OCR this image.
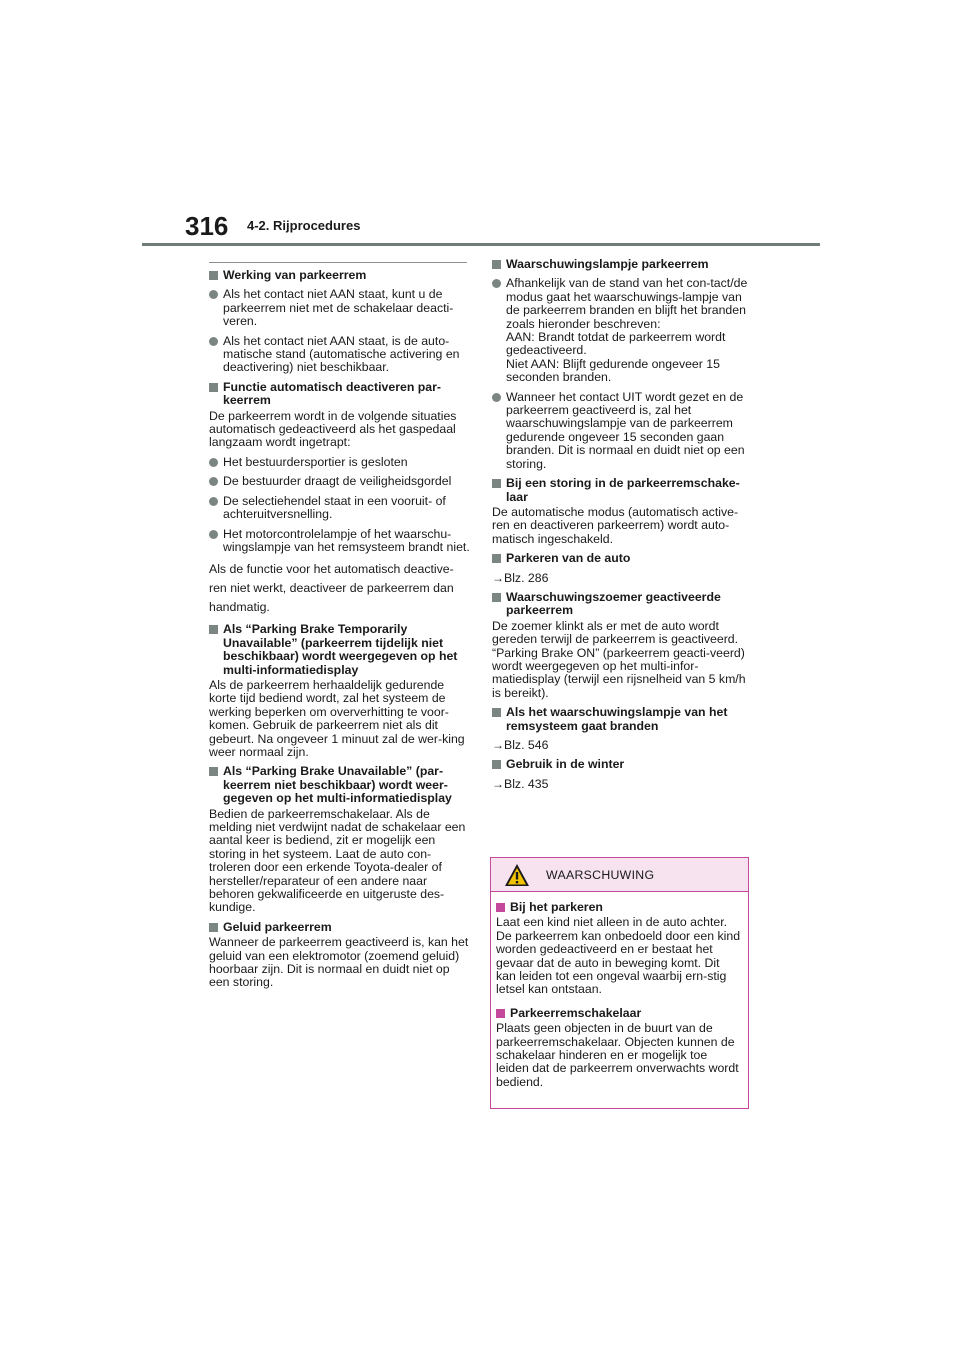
316 4-2. Rijprocedures
Werking van parkeerrem
Als het contact niet AAN staat, kunt u de parkeerrem niet met de schakelaar deacti-veren.
Als het contact niet AAN staat, is de auto-matische stand (automatische activering en deactivering) niet beschikbaar.
Functie automatisch deactiveren par-keerrem
De parkeerrem wordt in de volgende situaties automatisch gedeactiveerd als het gaspedaal langzaam wordt ingetrapt:
Het bestuurdersportier is gesloten
De bestuurder draagt de veiligheidsgordel
De selectiehendel staat in een vooruit- of achteruitversnelling.
Het motorcontrolelampje of het waarschu-wingslampje van het remsysteem brandt niet.
Als de functie voor het automatisch deactive-ren niet werkt, deactiveer de parkeerrem dan handmatig.
Als “Parking Brake Temporarily Unavailable” (parkeerrem tijdelijk niet beschikbaar) wordt weergegeven op het multi-informatiedisplay
Als de parkeerrem herhaaldelijk gedurende korte tijd bediend wordt, zal het systeem de werking beperken om oververhitting te voor-komen. Gebruik de parkeerrem niet als dit gebeurt. Na ongeveer 1 minuut zal de wer-king weer normaal zijn.
Als “Parking Brake Unavailable” (par-keerrem niet beschikbaar) wordt weer-gegeven op het multi-informatiedisplay
Bedien de parkeerremschakelaar. Als de melding niet verdwijnt nadat de schakelaar een aantal keer is bediend, zit er mogelijk een storing in het systeem. Laat de auto con-troleren door een erkende Toyota-dealer of hersteller/reparateur of een andere naar behoren gekwalificeerde en uitgeruste des-kundige.
Geluid parkeerrem
Wanneer de parkeerrem geactiveerd is, kan het geluid van een elektromotor (zoemend geluid) hoorbaar zijn. Dit is normaal en duidt niet op een storing.
Waarschuwingslampje parkeerrem
Afhankelijk van de stand van het con-tact/de modus gaat het waarschuwings-lampje van de parkeerrem branden en blijft het branden zoals hieronder beschreven:
AAN: Brandt totdat de parkeerrem wordt gedeactiveerd.
Niet AAN: Blijft gedurende ongeveer 15 seconden branden.
Wanneer het contact UIT wordt gezet en de parkeerrem geactiveerd is, zal het waarschuwingslampje van de parkeerrem gedurende ongeveer 15 seconden gaan branden. Dit is normaal en duidt niet op een storing.
Bij een storing in de parkeerremschake-laar
De automatische modus (automatisch active-ren en deactiveren parkeerrem) wordt auto-matisch ingeschakeld.
Parkeren van de auto
→Blz. 286
Waarschuwingszoemer geactiveerde parkeerrem
De zoemer klinkt als er met de auto wordt gereden terwijl de parkeerrem is geactiveerd. “Parking Brake ON” (parkeerrem geacti-veerd) wordt weergegeven op het multi-infor-matiedisplay (terwijl een rijsnelheid van 5 km/h is bereikt).
Als het waarschuwingslampje van het remsysteem gaat branden
→Blz. 546
Gebruik in de winter
→Blz. 435
WAARSCHUWING
Bij het parkeren
Laat een kind niet alleen in de auto achter. De parkeerrem kan onbedoeld door een kind worden gedeactiveerd en er bestaat het gevaar dat de auto in beweging komt. Dit kan leiden tot een ongeval waarbij ern-stig letsel kan ontstaan.
Parkeerremschakelaar
Plaats geen objecten in de buurt van de parkeerremschakelaar. Objecten kunnen de schakelaar hinderen en er mogelijk toe leiden dat de parkeerrem onverwachts wordt bediend.
